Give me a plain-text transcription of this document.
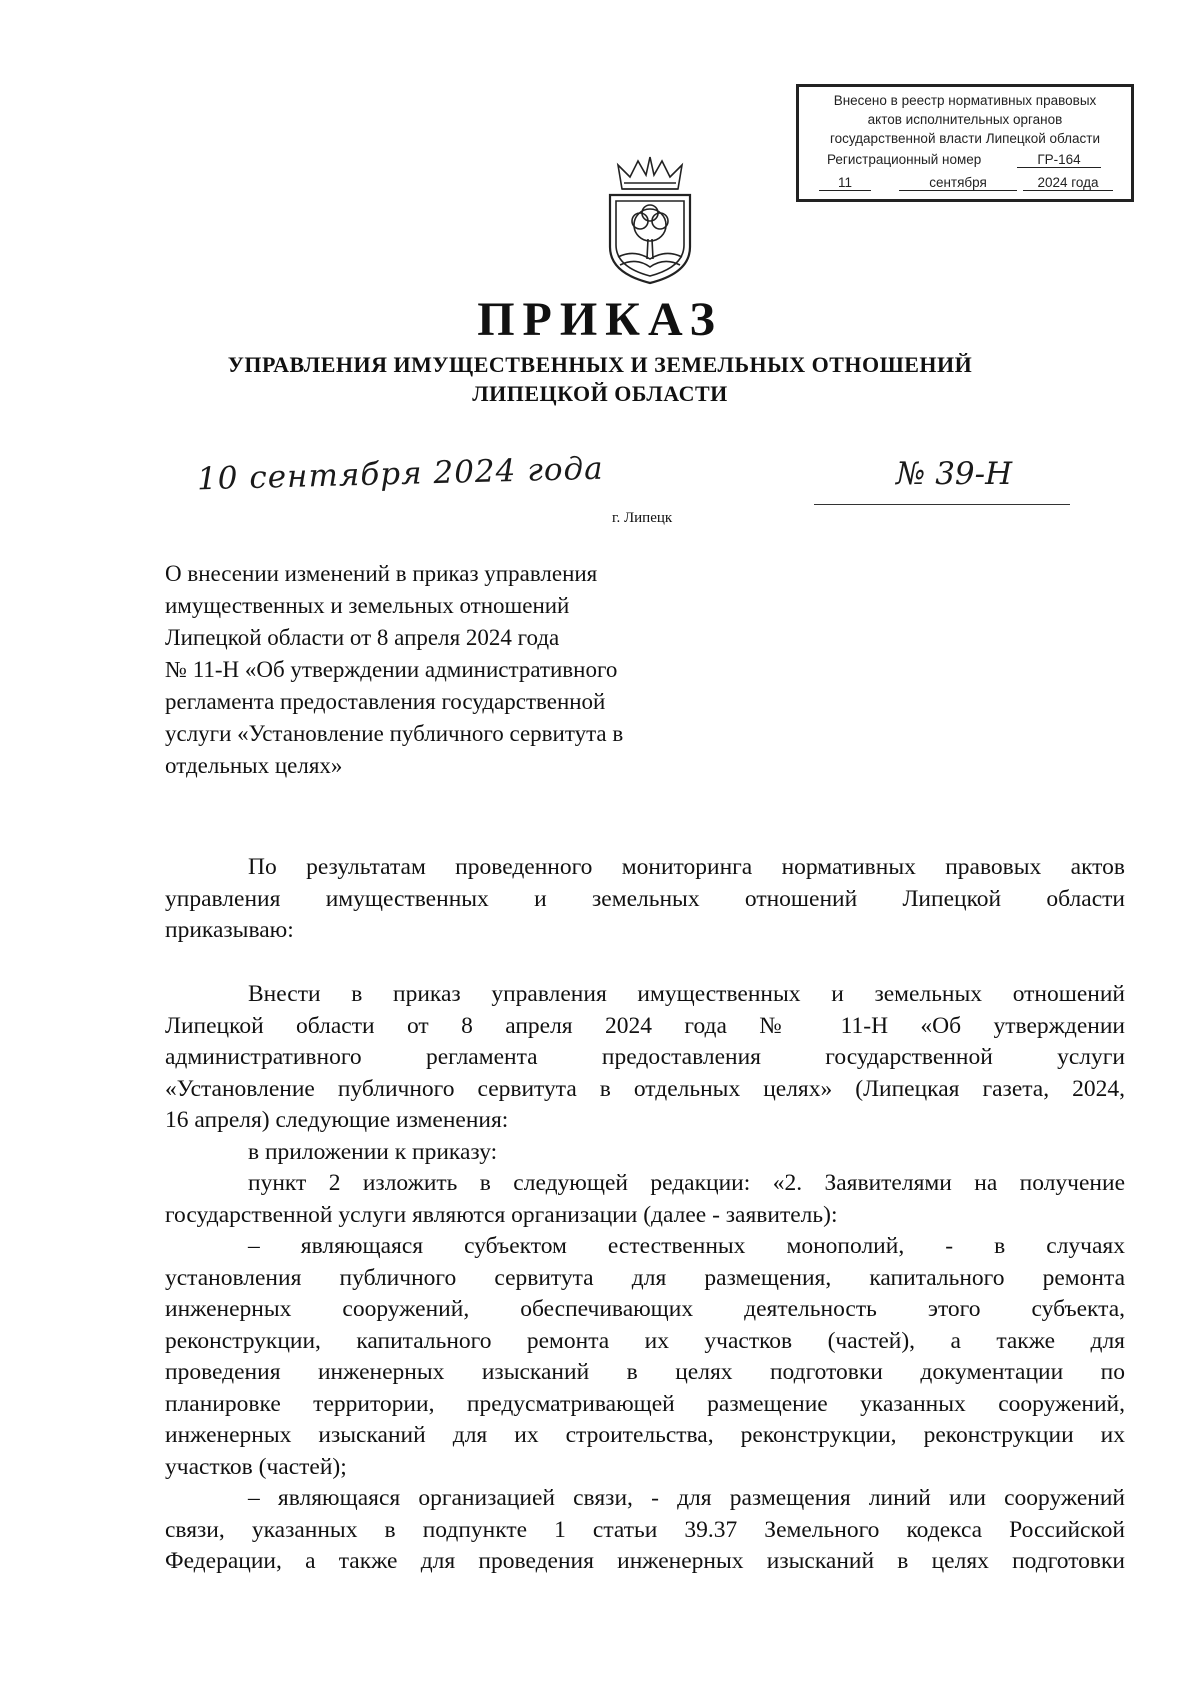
Внесено в реестр нормативных правовых
актов исполнительных органов
государственной власти Липецкой области
Регистрационный номер	ГР-164
11	сентября	2024 года
ПРИКАЗ
УПРАВЛЕНИЯ ИМУЩЕСТВЕННЫХ И ЗЕМЕЛЬНЫХ ОТНОШЕНИЙ
ЛИПЕЦКОЙ ОБЛАСТИ
10 сентября 2024 года	№ 39-Н
г. Липецк
О внесении изменений в приказ управления
имущественных и земельных отношений
Липецкой области от 8 апреля 2024 года
№ 11-Н «Об утверждении административного
регламента предоставления государственной
услуги «Установление публичного сервитута в
отдельных целях»
По результатам проведенного мониторинга нормативных правовых актов
управления имущественных и земельных отношений Липецкой области
приказываю:
Внести в приказ управления имущественных и земельных отношений
Липецкой области от 8 апреля 2024 года № 11-Н «Об утверждении
административного регламента предоставления государственной услуги
«Установление публичного сервитута в отдельных целях» (Липецкая газета, 2024,
16 апреля) следующие изменения:
в приложении к приказу:
пункт 2 изложить в следующей редакции: «2. Заявителями на получение
государственной услуги являются организации (далее - заявитель):
– являющаяся субъектом естественных монополий, - в случаях
установления публичного сервитута для размещения, капитального ремонта
инженерных сооружений, обеспечивающих деятельность этого субъекта,
реконструкции, капитального ремонта их участков (частей), а также для
проведения инженерных изысканий в целях подготовки документации по
планировке территории, предусматривающей размещение указанных сооружений,
инженерных изысканий для их строительства, реконструкции, реконструкции их
участков (частей);
– являющаяся организацией связи, - для размещения линий или сооружений
связи, указанных в подпункте 1 статьи 39.37 Земельного кодекса Российской
Федерации, а также для проведения инженерных изысканий в целях подготовки
